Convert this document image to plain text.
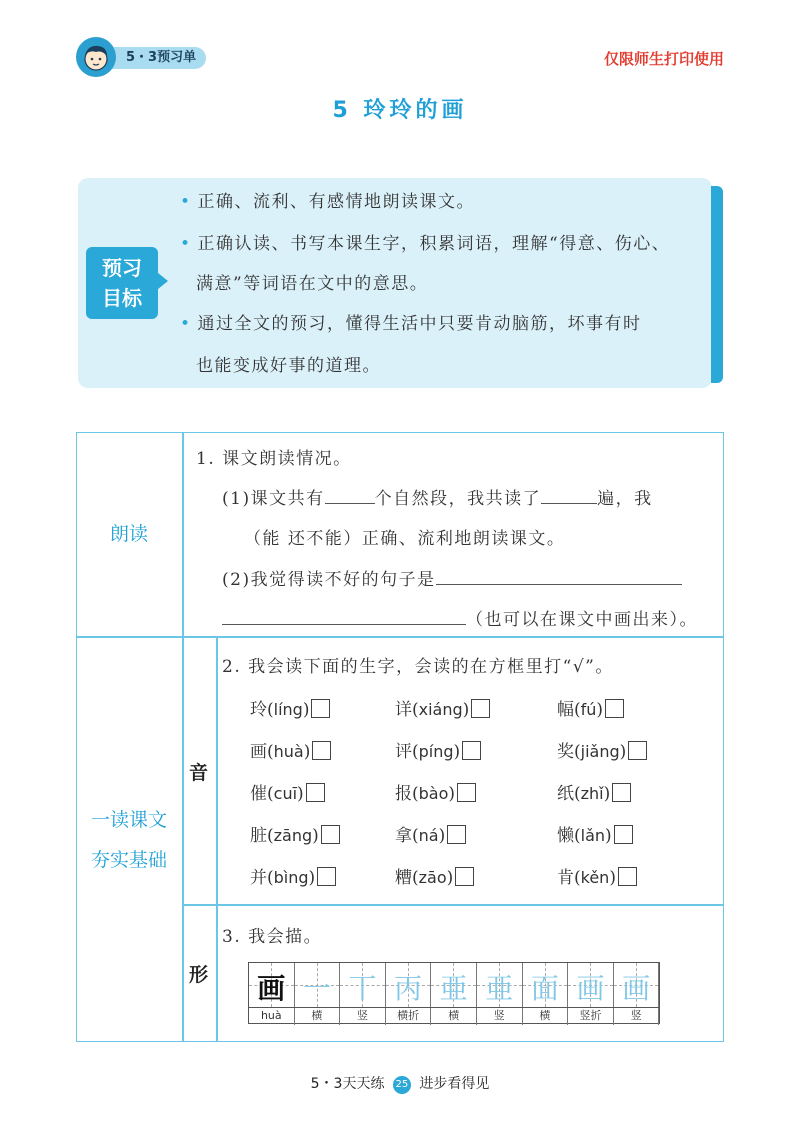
5・3预习单	仅限师生打印使用
5 玲玲的画
预习
目标
• 正确、流利、有感情地朗读课文。
• 正确认读、书写本课生字，积累词语，理解“得意、伤心、
满意”等词语在文中的意思。
• 通过全文的预习，懂得生活中只要肯动脑筋，坏事有时
也能变成好事的道理。
朗读
1. 课文朗读情况。
(1)课文共有	个自然段，我共读了	遍，我
（能 还不能）正确、流利地朗读课文。
(2)我觉得读不好的句子是
（也可以在课文中画出来）。
一读课文
夯实基础
音
形
2. 我会读下面的生字，会读的在方框里打“√”。
玲(líng)	详(xiáng)	幅(fú)
画(huà)	评(píng)	奖(jiǎng)
催(cuī)	报(bào)	纸(zhǐ)
脏(zāng)	拿(ná)	懒(lǎn)
并(bìng)	糟(zāo)	肯(kěn)
3. 我会描。
画 一 丅 丙 亜 亜 面 画 画
huà	横	竖	横折	横	竖	横	竖折	竖
5・3天天练 25 进步看得见
